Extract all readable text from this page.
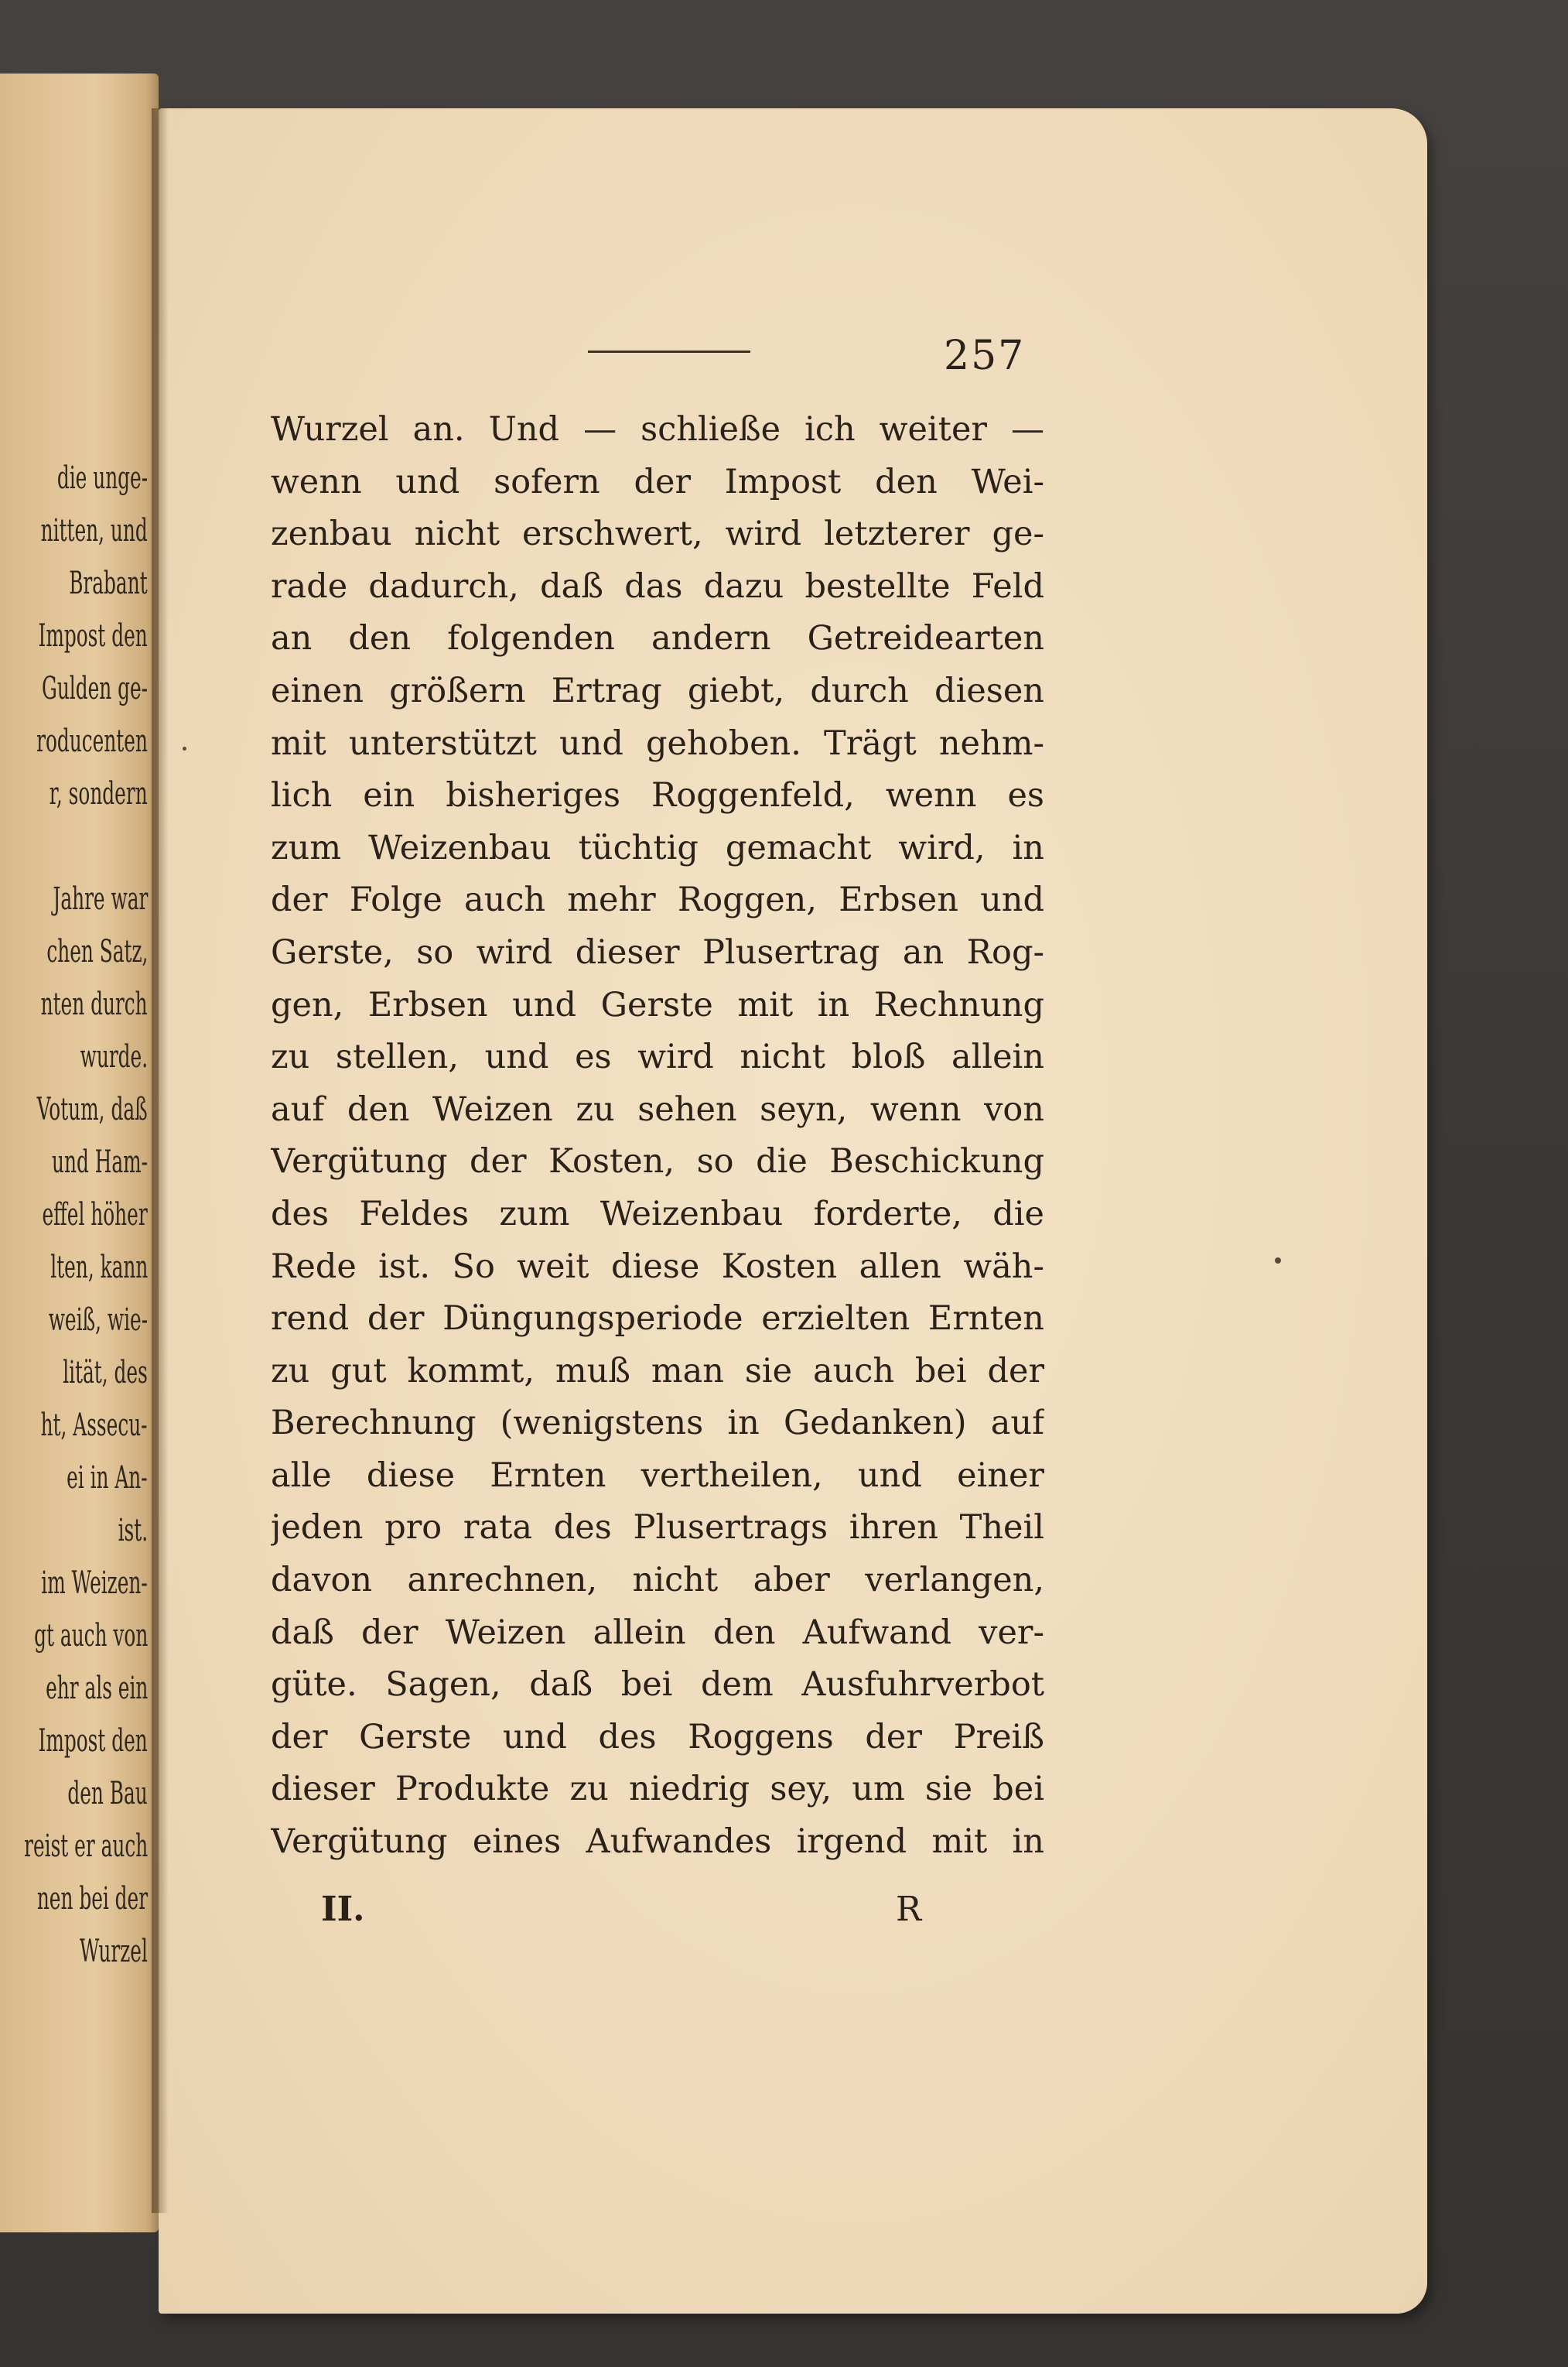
die unge-
nitten, und
Brabant
Impost den
Gulden ge-
roducenten
r, sondern
Jahre war
chen Satz,
nten durch
wurde.
Votum, daß
und Ham-
effel höher
lten, kann
weiß, wie-
lität, des
ht, Assecu-
ei in An-
ist.
im Weizen-
gt auch von
ehr als ein
Impost den
den Bau
reist er auch
nen bei der
Wurzel
257
Wurzel an. Und — schließe ich weiter —
wenn und sofern der Impost den Wei-
zenbau nicht erschwert, wird letzterer ge-
rade dadurch, daß das dazu bestellte Feld
an den folgenden andern Getreidearten
einen größern Ertrag giebt, durch diesen
mit unterstützt und gehoben. Trägt nehm-
lich ein bisheriges Roggenfeld, wenn es
zum Weizenbau tüchtig gemacht wird, in
der Folge auch mehr Roggen, Erbsen und
Gerste, so wird dieser Plusertrag an Rog-
gen, Erbsen und Gerste mit in Rechnung
zu stellen, und es wird nicht bloß allein
auf den Weizen zu sehen seyn, wenn von
Vergütung der Kosten, so die Beschickung
des Feldes zum Weizenbau forderte, die
Rede ist. So weit diese Kosten allen wäh-
rend der Düngungsperiode erzielten Ernten
zu gut kommt, muß man sie auch bei der
Berechnung (wenigstens in Gedanken) auf
alle diese Ernten vertheilen, und einer
jeden pro rata des Plusertrags ihren Theil
davon anrechnen, nicht aber verlangen,
daß der Weizen allein den Aufwand ver-
güte. Sagen, daß bei dem Ausfuhrverbot
der Gerste und des Roggens der Preiß
dieser Produkte zu niedrig sey, um sie bei
Vergütung eines Aufwandes irgend mit in
II.	R
